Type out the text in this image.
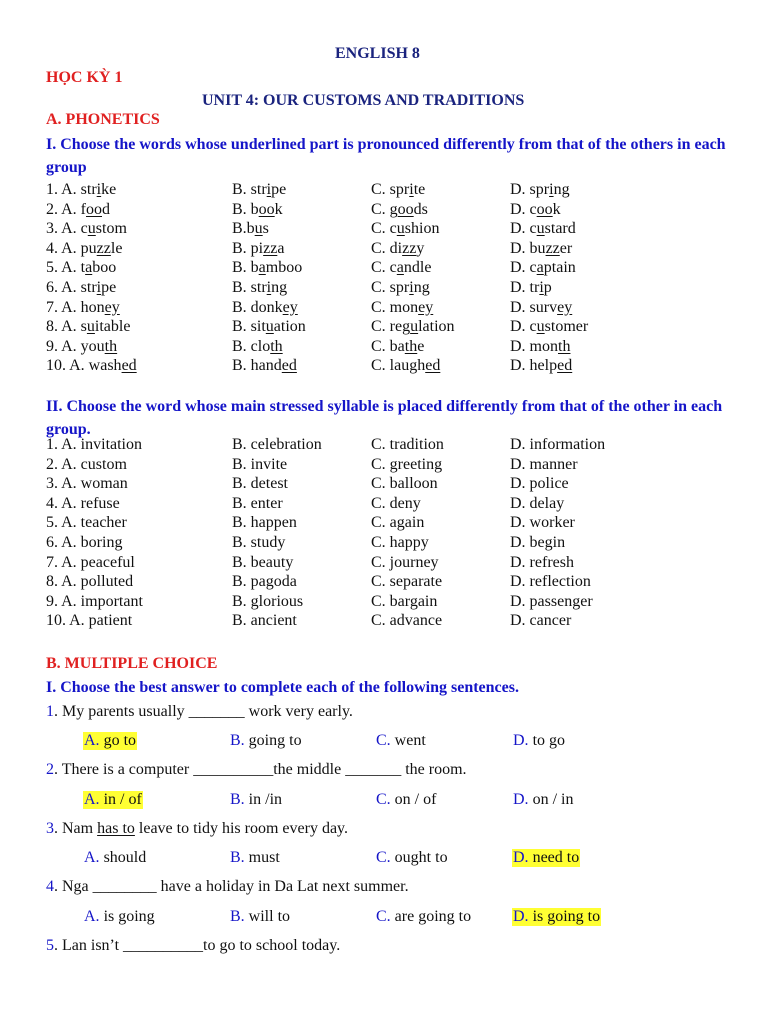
ENGLISH 8
HỌC KỲ 1
UNIT 4: OUR CUSTOMS AND TRADITIONS
A. PHONETICS
I. Choose the words whose underlined part is pronounced differently from that of the others in each group
1. A. strike	B. stripe	C. sprite	D. spring
2. A. food	B. book	C. goods	D. cook
3. A. custom	B.bus	C. cushion	D. custard
4. A. puzzle	B. pizza	C. dizzy	D. buzzer
5. A. taboo	B. bamboo	C. candle	D. captain
6. A. stripe	B. string	C. spring	D. trip
7. A. honey	B. donkey	C. money	D. survey
8. A. suitable	B. situation	C. regulation	D. customer
9. A. youth	B. cloth	C. bathe	D. month
10. A. washed	B. handed	C. laughed	D. helped
II. Choose the word whose main stressed syllable is placed differently from that of the other in each group.
1. A. invitation	B. celebration	C. tradition	D. information
2. A. custom	B. invite	C. greeting	D. manner
3. A. woman	B. detest	C. balloon	D. police
4. A. refuse	B. enter	C. deny	D. delay
5. A. teacher	B. happen	C. again	D. worker
6. A. boring	B. study	C. happy	D. begin
7. A. peaceful	B. beauty	C. journey	D. refresh
8. A. polluted	B. pagoda	C. separate	D. reflection
9. A. important	B. glorious	C. bargain	D. passenger
10. A. patient	B. ancient	C. advance	D. cancer
B. MULTIPLE CHOICE
I. Choose the best answer to complete each of the following sentences.
1. My parents usually _______ work very early.
A. go to	B. going to	C. went	D. to go
2. There is a computer __________the middle _______ the room.
A. in / of	B. in /in	C. on / of	D. on / in
3. Nam has to leave to tidy his room every day.
A. should	B. must	C. ought to	D. need to
4. Nga ________ have a holiday in Da Lat next summer.
A. is going	B. will to	C. are going to	D. is going to
5. Lan isn’t __________to go to school today.
